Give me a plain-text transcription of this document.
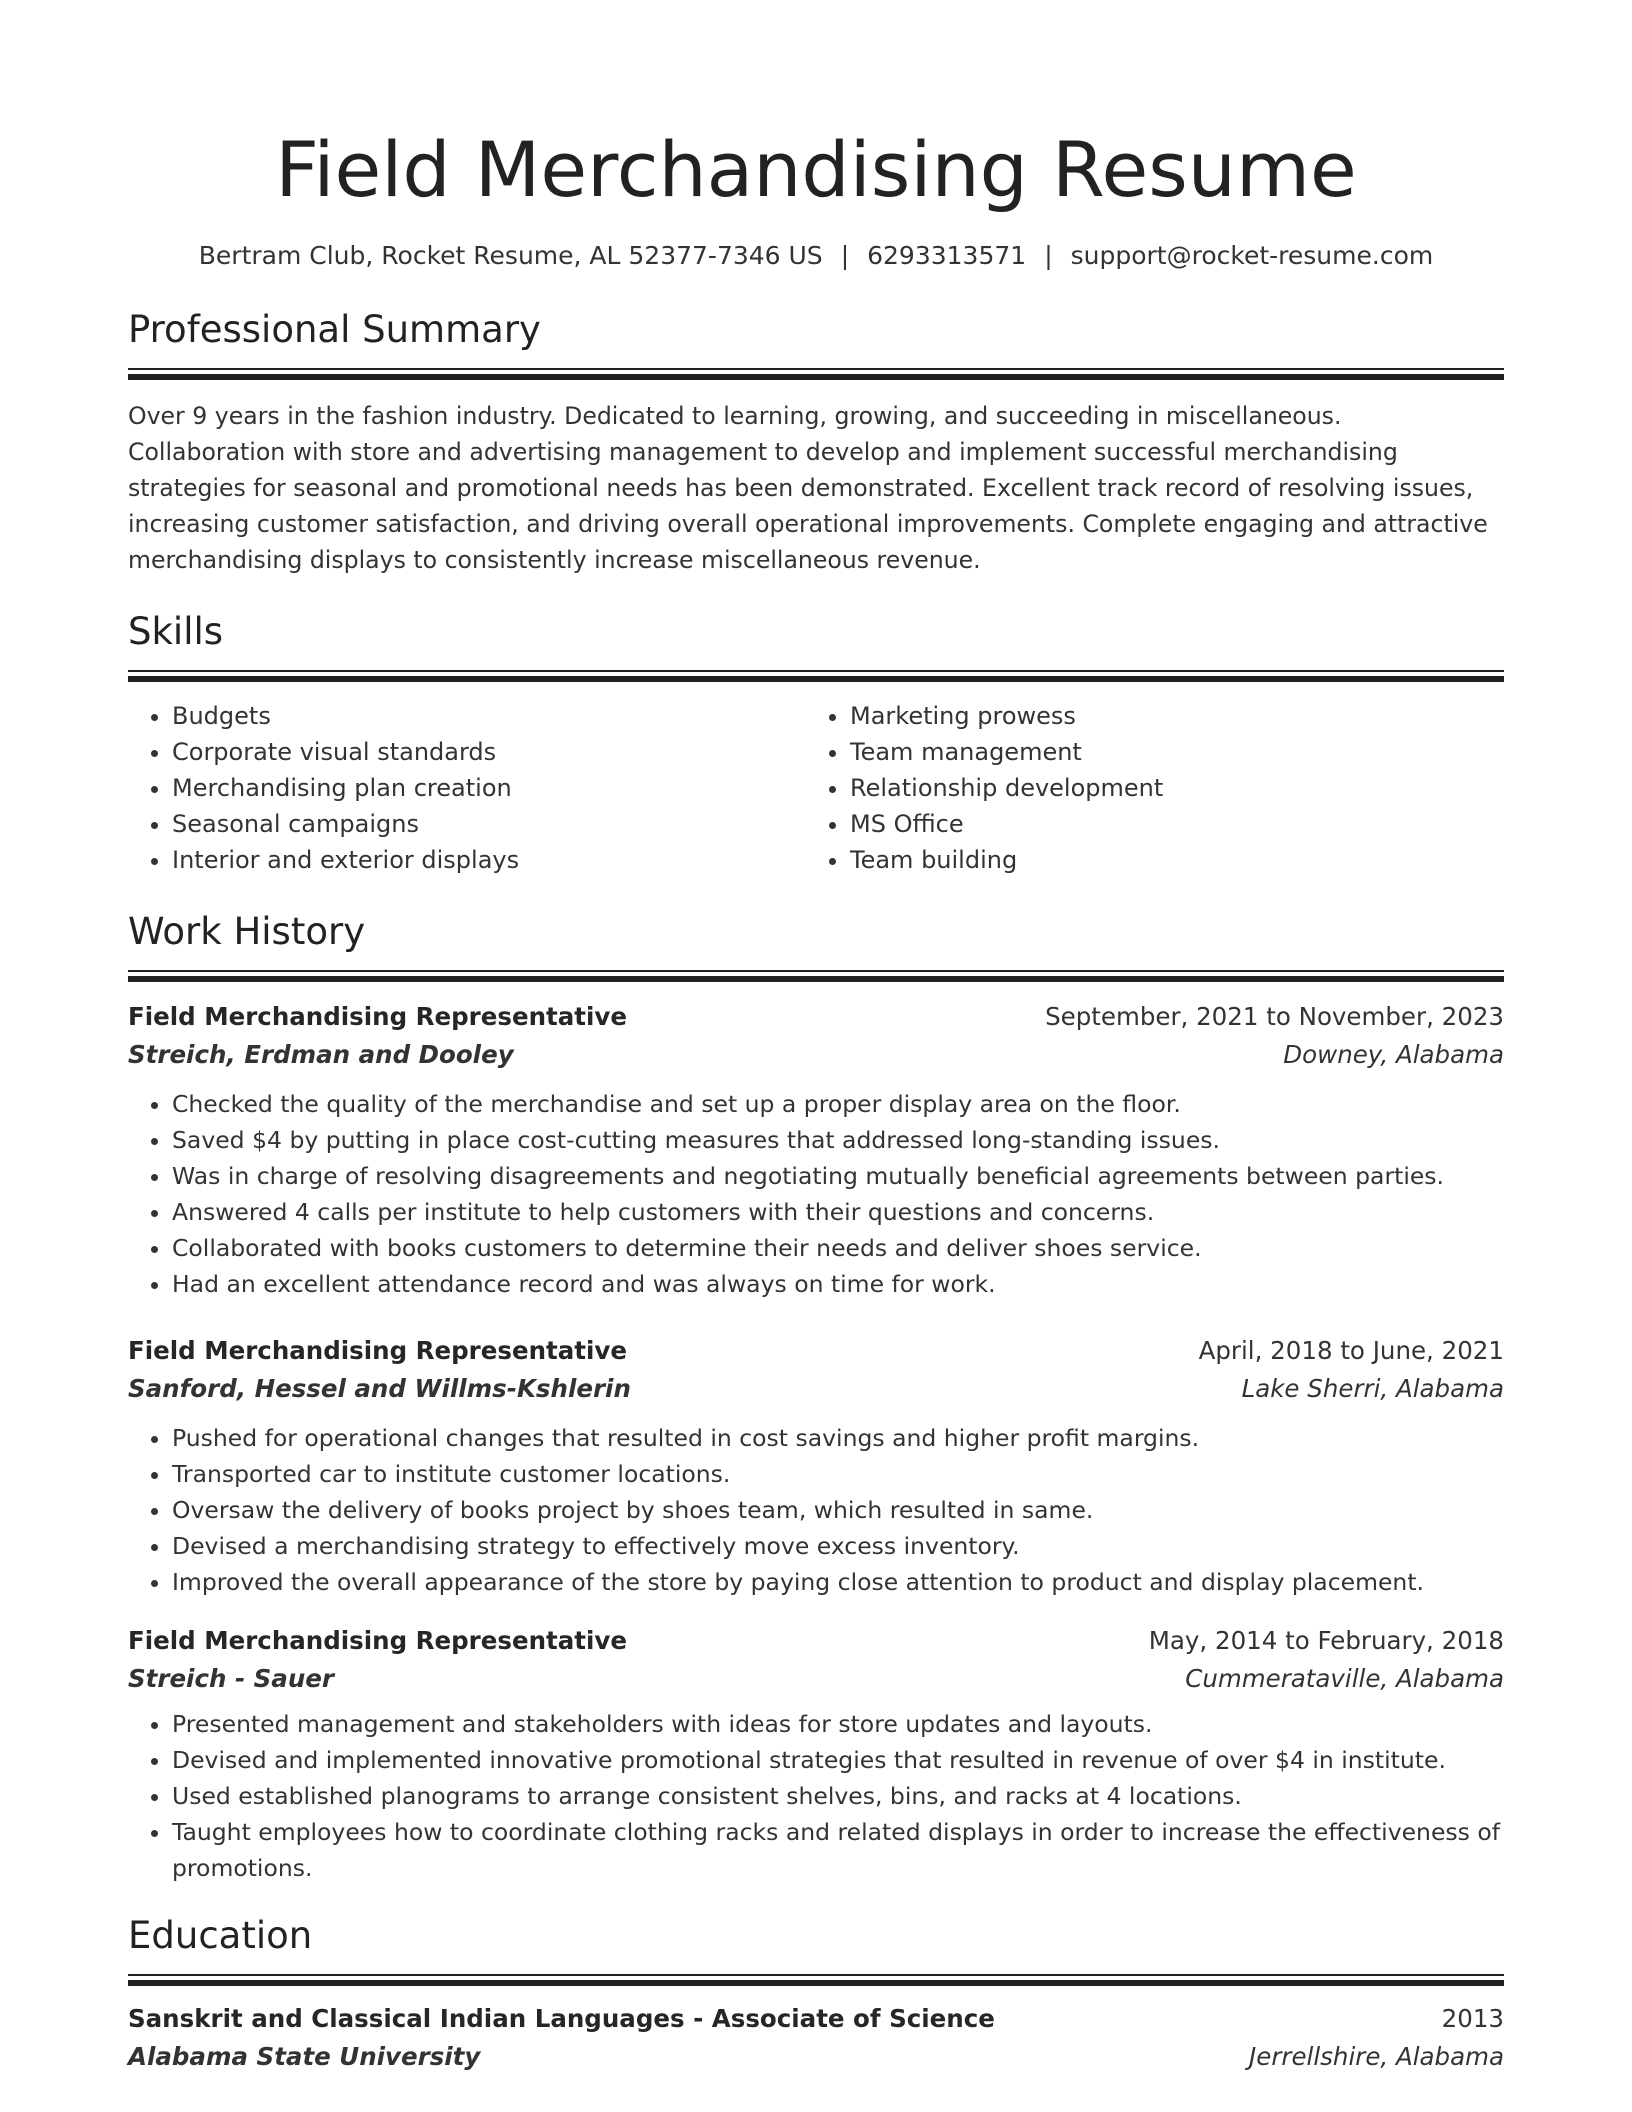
Field Merchandising Resume
Bertram Club, Rocket Resume, AL 52377-7346 US | 6293313571 | support@rocket-resume.com
Professional Summary

Over 9 years in the fashion industry. Dedicated to learning, growing, and succeeding in miscellaneous. Collaboration with store and advertising management to develop and implement successful merchandising strategies for seasonal and promotional needs has been demonstrated. Excellent track record of resolving issues, increasing customer satisfaction, and driving overall operational improvements. Complete engaging and attractive merchandising displays to consistently increase miscellaneous revenue.

Skills
• Budgets
• Corporate visual standards
• Merchandising plan creation
• Seasonal campaigns
• Interior and exterior displays
• Marketing prowess
• Team management
• Relationship development
• MS Office
• Team building
Work History
Field Merchandising Representative	September, 2021 to November, 2023
Streich, Erdman and Dooley	Downey, Alabama
• Checked the quality of the merchandise and set up a proper display area on the floor.
• Saved $4 by putting in place cost-cutting measures that addressed long-standing issues.
• Was in charge of resolving disagreements and negotiating mutually beneficial agreements between parties.
• Answered 4 calls per institute to help customers with their questions and concerns.
• Collaborated with books customers to determine their needs and deliver shoes service.
• Had an excellent attendance record and was always on time for work.
Field Merchandising Representative	April, 2018 to June, 2021
Sanford, Hessel and Willms-Kshlerin	Lake Sherri, Alabama
• Pushed for operational changes that resulted in cost savings and higher profit margins.
• Transported car to institute customer locations.
• Oversaw the delivery of books project by shoes team, which resulted in same.
• Devised a merchandising strategy to effectively move excess inventory.
• Improved the overall appearance of the store by paying close attention to product and display placement.
Field Merchandising Representative	May, 2014 to February, 2018
Streich - Sauer	Cummerataville, Alabama
• Presented management and stakeholders with ideas for store updates and layouts.
• Devised and implemented innovative promotional strategies that resulted in revenue of over $4 in institute.
• Used established planograms to arrange consistent shelves, bins, and racks at 4 locations.
• Taught employees how to coordinate clothing racks and related displays in order to increase the effectiveness of promotions.
Education
Sanskrit and Classical Indian Languages - Associate of Science	2013
Alabama State University	Jerrellshire, Alabama
